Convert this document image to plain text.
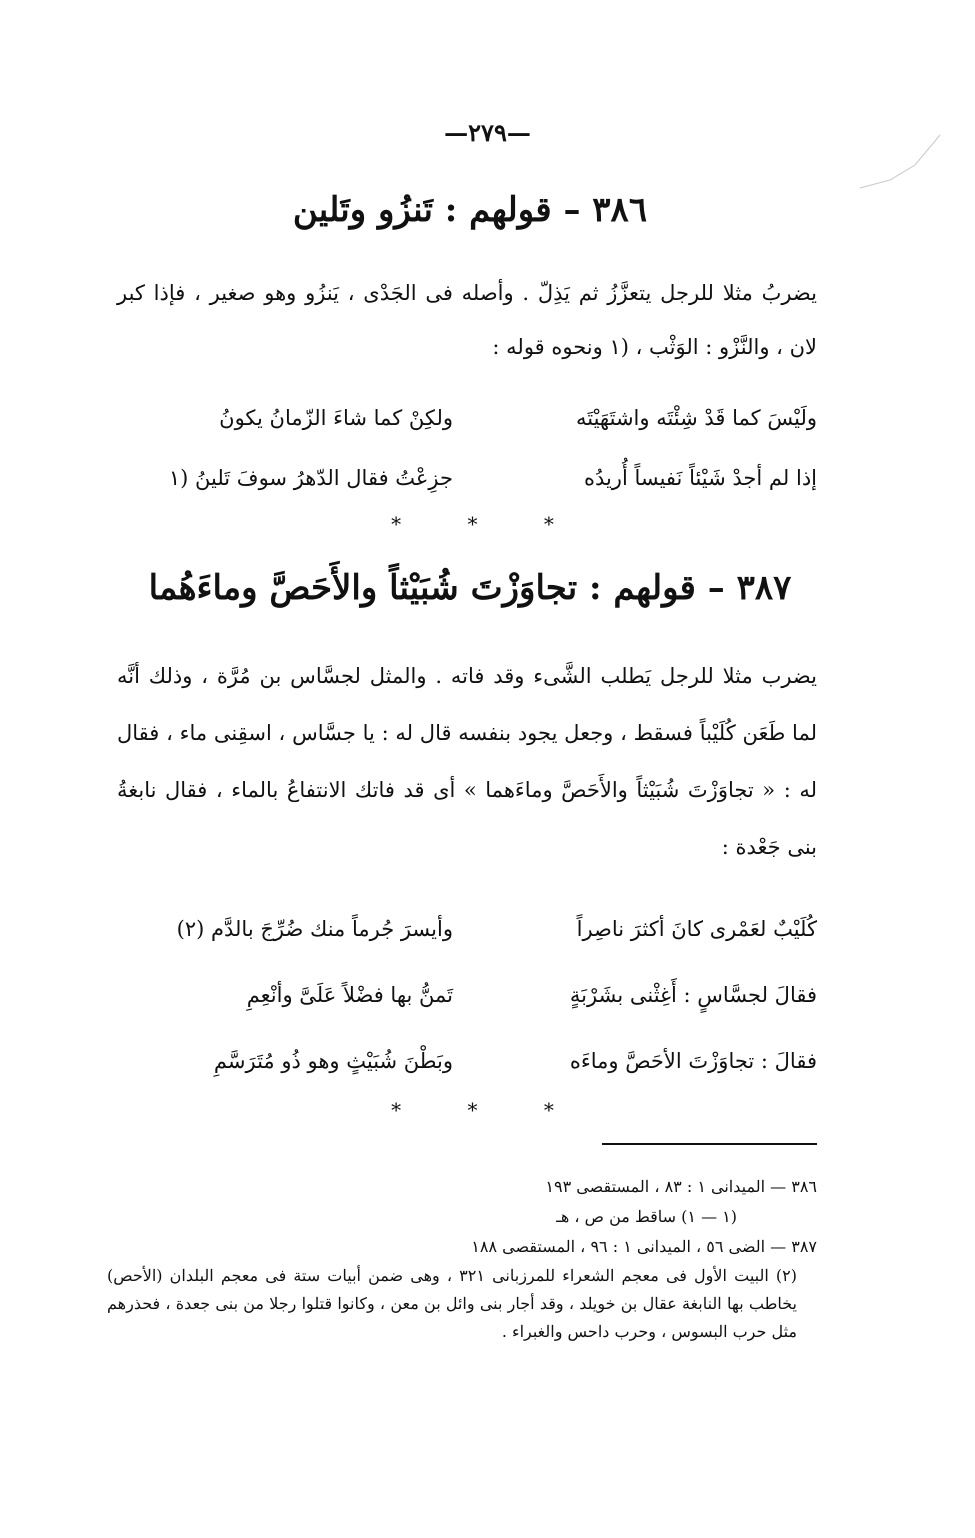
—٢٧٩—
٣٨٦ – قولهم : تَنزُو وتَلين
يضربُ مثلا للرجل يتعزَّزُ ثم يَذِلّ . وأصله فى الجَدْى ، يَنزُو وهو صغير ، فإذا كبر لان ، والنَّزْو : الوَثْب ، (١ ونحوه قوله :
ولَيْسَ كما قَدْ شِئْتَه واشتَهَيْتَه
ولكِنْ كما شاءَ الزّمانُ يكونُ
إذا لم أجدْ شَيْئاً نَفيساً أُريدُه
جزِعْتُ فقال الدّهرُ سوفَ تَلينُ (١
* * *
٣٨٧ – قولهم : تجاوَزْتَ شُبَيْثاً والأَحَصَّ وماءَهُما
يضرب مثلا للرجل يَطلب الشَّىء وقد فاته . والمثل لجسَّاس بن مُرَّة ، وذلك أنَّه لما طَعَن كُلَيْباً فسقط ، وجعل يجود بنفسه قال له : يا جسَّاس ، اسقِنى ماء ، فقال له : « تجاوَزْتَ شُبَيْثاً والأَحَصَّ وماءَهما » أى قد فاتك الانتفاعُ بالماء ، فقال نابغةُ بنى جَعْدة :
كُلَيْبٌ لعَمْرى كانَ أكثرَ ناصِراً
وأيسرَ جُرماً منك ضُرِّجَ بالدَّم (٢)
فقالَ لجسَّاسٍ : أَغِثْنى بشَرْبَةٍ
تَمنُّ بها فضْلاً عَلَىَّ وأنْعِمِ
فقالَ : تجاوَزْتَ الأحَصَّ وماءَه
وبَطْنَ شُبَيْثٍ وهو ذُو مُتَرَسَّمِ
* * *
٣٨٦ — الميدانى ١ : ٨٣ ، المستقصى ١٩٣
(١ — ١) ساقط من ص ، هـ
٣٨٧ — الضى ٥٦ ، الميدانى ١ : ٩٦ ، المستقصى ١٨٨
(٢) البيت الأول فى معجم الشعراء للمرزبانى ٣٢١ ، وهى ضمن أبيات ستة فى معجم البلدان (الأحص) يخاطب بها النابغة عقال بن خويلد ، وقد أجار بنى وائل بن معن ، وكانوا قتلوا رجلا من بنى جعدة ، فحذرهم مثل حرب البسوس ، وحرب داحس والغبراء .
